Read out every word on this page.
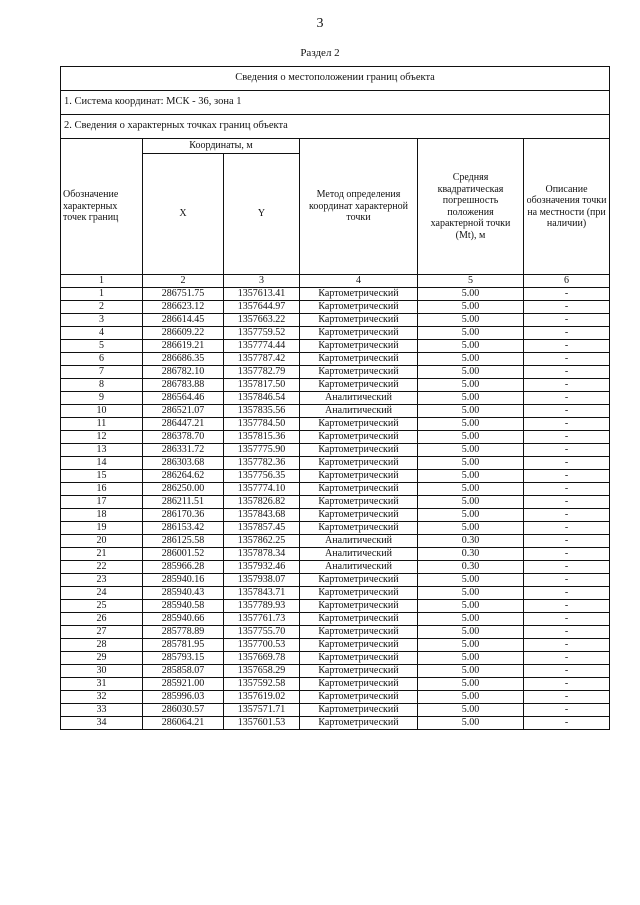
3
Раздел 2
Сведения о местоположении границ объекта					
1. Система координат: МСК - 36, зона 1					
2. Сведения о характерных точках границ объекта					
Обозначение характерных точек границ	Координаты, м		Метод определения координат характерной точки	Средняя квадратическая погрешность положения характерной точки (Mt), м	Описание обозначения точки на местности (при наличии)
	X	Y			
1	2	3	4	5	6
1	286751.75	1357613.41	Картометрический	5.00	-
2	286623.12	1357644.97	Картометрический	5.00	-
3	286614.45	1357663.22	Картометрический	5.00	-
4	286609.22	1357759.52	Картометрический	5.00	-
5	286619.21	1357774.44	Картометрический	5.00	-
6	286686.35	1357787.42	Картометрический	5.00	-
7	286782.10	1357782.79	Картометрический	5.00	-
8	286783.88	1357817.50	Картометрический	5.00	-
9	286564.46	1357846.54	Аналитический	5.00	-
10	286521.07	1357835.56	Аналитический	5.00	-
11	286447.21	1357784.50	Картометрический	5.00	-
12	286378.70	1357815.36	Картометрический	5.00	-
13	286331.72	1357775.90	Картометрический	5.00	-
14	286303.68	1357782.36	Картометрический	5.00	-
15	286264.62	1357756.35	Картометрический	5.00	-
16	286250.00	1357774.10	Картометрический	5.00	-
17	286211.51	1357826.82	Картометрический	5.00	-
18	286170.36	1357843.68	Картометрический	5.00	-
19	286153.42	1357857.45	Картометрический	5.00	-
20	286125.58	1357862.25	Аналитический	0.30	-
21	286001.52	1357878.34	Аналитический	0.30	-
22	285966.28	1357932.46	Аналитический	0.30	-
23	285940.16	1357938.07	Картометрический	5.00	-
24	285940.43	1357843.71	Картометрический	5.00	-
25	285940.58	1357789.93	Картометрический	5.00	-
26	285940.66	1357761.73	Картометрический	5.00	-
27	285778.89	1357755.70	Картометрический	5.00	-
28	285781.95	1357700.53	Картометрический	5.00	-
29	285793.15	1357669.78	Картометрический	5.00	-
30	285858.07	1357658.29	Картометрический	5.00	-
31	285921.00	1357592.58	Картометрический	5.00	-
32	285996.03	1357619.02	Картометрический	5.00	-
33	286030.57	1357571.71	Картометрический	5.00	-
34	286064.21	1357601.53	Картометрический	5.00	-
